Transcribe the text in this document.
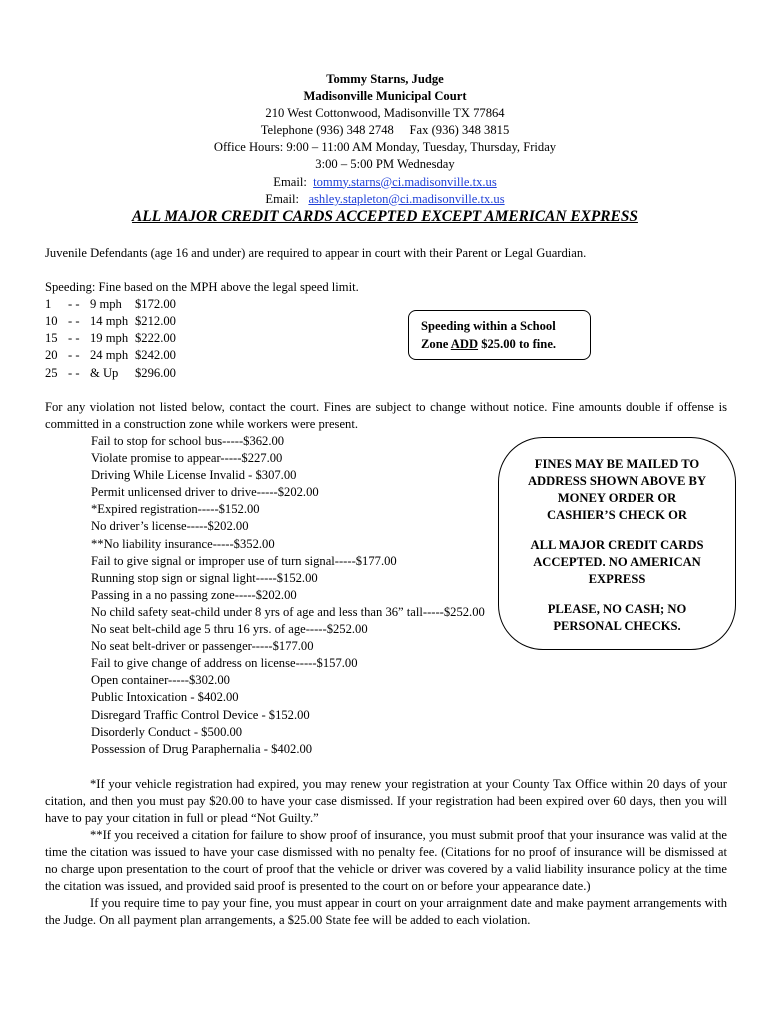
Tommy Starns, Judge
Madisonville Municipal Court
210 West Cottonwood, Madisonville TX 77864
Telephone (936) 348 2748     Fax (936) 348 3815
Office Hours: 9:00 – 11:00 AM Monday, Tuesday, Thursday, Friday
3:00 – 5:00 PM Wednesday
Email: tommy.starns@ci.madisonville.tx.us
Email: ashley.stapleton@ci.madisonville.tx.us
ALL MAJOR CREDIT CARDS ACCEPTED EXCEPT AMERICAN EXPRESS
Juvenile Defendants (age 16 and under) are required to appear in court with their Parent or Legal Guardian.
Speeding: Fine based on the MPH above the legal speed limit.
1 - - 9 mph $172.00
10 - - 14 mph $212.00
15 - - 19 mph $222.00
20 - - 24 mph $242.00
25 - - & Up $296.00
Speeding within a School
Zone ADD $25.00 to fine.
For any violation not listed below, contact the court. Fines are subject to change without notice. Fine amounts double if offense is committed in a construction zone while workers were present.
Fail to stop for school bus-----$362.00
Violate promise to appear-----$227.00
Driving While License Invalid - $307.00
Permit unlicensed driver to drive-----$202.00
*Expired registration-----$152.00
No driver’s license-----$202.00
**No liability insurance-----$352.00
Fail to give signal or improper use of turn signal-----$177.00
Running stop sign or signal light-----$152.00
Passing in a no passing zone-----$202.00
No child safety seat-child under 8 yrs of age and less than 36” tall-----$252.00
No seat belt-child age 5 thru 16 yrs. of age-----$252.00
No seat belt-driver or passenger-----$177.00
Fail to give change of address on license-----$157.00
Open container-----$302.00
Public Intoxication - $402.00
Disregard Traffic Control Device - $152.00
Disorderly Conduct - $500.00
Possession of Drug Paraphernalia - $402.00
FINES MAY BE MAILED TO
ADDRESS SHOWN ABOVE BY
MONEY ORDER OR
CASHIER’S CHECK OR
ALL MAJOR CREDIT CARDS
ACCEPTED. NO AMERICAN
EXPRESS
PLEASE, NO CASH; NO
PERSONAL CHECKS.
*If your vehicle registration had expired, you may renew your registration at your County Tax Office within 20 days of your citation, and then you must pay $20.00 to have your case dismissed. If your registration had been expired over 60 days, then you will have to pay your citation in full or plead “Not Guilty.”
**If you received a citation for failure to show proof of insurance, you must submit proof that your insurance was valid at the time the citation was issued to have your case dismissed with no penalty fee. (Citations for no proof of insurance will be dismissed at no charge upon presentation to the court of proof that the vehicle or driver was covered by a valid liability insurance policy at the time the citation was issued, and provided said proof is presented to the court on or before your appearance date.)
If you require time to pay your fine, you must appear in court on your arraignment date and make payment arrangements with the Judge. On all payment plan arrangements, a $25.00 State fee will be added to each violation.
